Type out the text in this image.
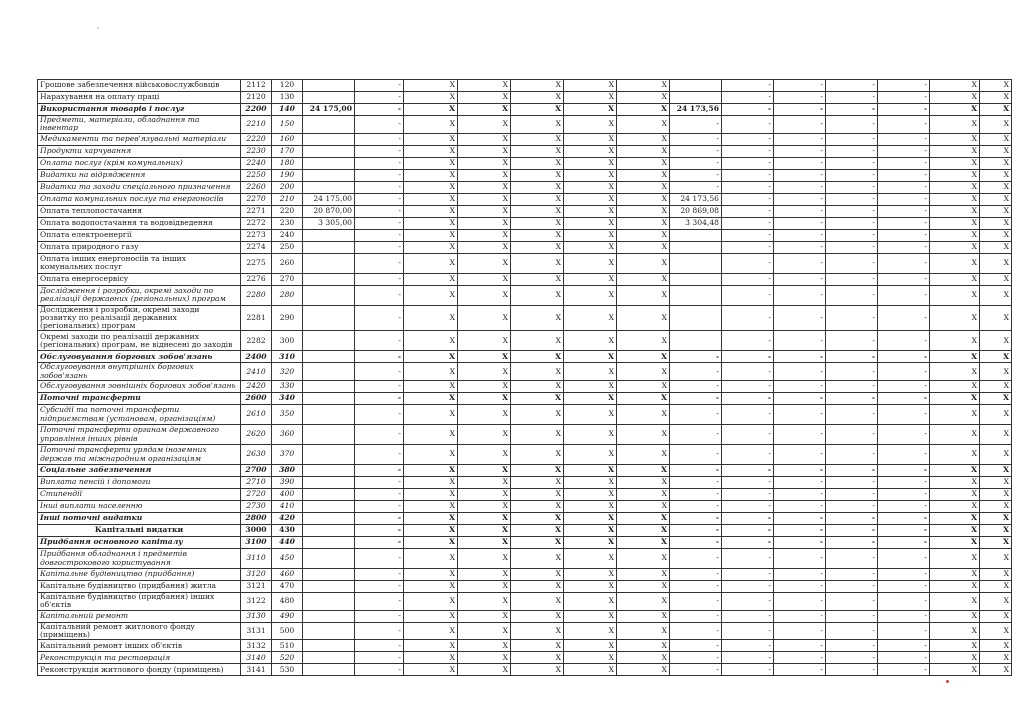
Грошове забезпечення військовослужбовців	2112	120		-	X	X	X	X	X		-	-	-	-	X	X
Нарахування на оплату праці	2120	130		-	X	X	X	X	X		-	-	-	-	X	X
Використання товарів і послуг	2200	140	24 175,00	-	X	X	X	X	X	24 173,56	-	-	-	-	X	X
Предмети, матеріали, обладнання та інвентар	2210	150		-	X	X	X	X	X	-	-	-	-	-	X	X
Медикаменти та перев'язувальні матеріали	2220	160		-	X	X	X	X	X	-	-	-	-	-	X	X
Продукти харчування	2230	170		-	X	X	X	X	X	-	-	-	-	-	X	X
Оплата послуг (крім комунальних)	2240	180		-	X	X	X	X	X	-	-	-	-	-	X	X
Видатки на відрядження	2250	190		-	X	X	X	X	X	-	-	-	-	-	X	X
Видатки та заходи спеціального призначення	2260	200		-	X	X	X	X	X	-	-	-	-	-	X	X
Оплата комунальних послуг та енергоносіїв	2270	210	24 175,00	-	X	X	X	X	X	24 173,56	-	-	-	-	X	X
Оплата теплопостачання	2271	220	20 870,00	-	X	X	X	X	X	20 869,08	-	-	-	-	X	X
Оплата водопостачання та водовідведення	2272	230	3 305,00	-	X	X	X	X	X	3 304,48	-	-	-	-	X	X
Оплата електроенергії	2273	240		-	X	X	X	X	X		-	-	-	-	X	X
Оплата природного газу	2274	250		-	X	X	X	X	X		-	-	-	-	X	X
Оплата інших енергоносіїв та інших комунальних послуг	2275	260		-	X	X	X	X	X		-	-	-	-	X	X
Оплата енергосервісу	2276	270		-	X	X	X	X	X		-	-	-	-	X	X
Дослідження і розробки, окремі заходи по реалізації державних (регіональних) програм	2280	280		-	X	X	X	X	X		-	-	-	-	X	X
Дослідження і розробки, окремі заходи розвитку по реалізації державних (регіональних) програм	2281	290		-	X	X	X	X	X		-	-	-	-	X	X
Окремі заходи по реалізації державних (регіональних) програм, не віднесені до заходів	2282	300		-	X	X	X	X	X		-	-	-	-	X	X
Обслуговування боргових зобов'язань	2400	310		-	X	X	X	X	X	-	-	-	-	-	X	X
Обслуговування внутрішніх боргових зобов'язань	2410	320		-	X	X	X	X	X	-	-	-	-	-	X	X
Обслуговування зовнішніх боргових зобов'язань	2420	330		-	X	X	X	X	X	-	-	-	-	-	X	X
Поточні трансферти	2600	340		-	X	X	X	X	X	-	-	-	-	-	X	X
Субсидії та поточні трансферти підприємствам (установам, організаціям)	2610	350		-	X	X	X	X	X	-	-	-	-	-	X	X
Поточні трансферти органам державного управління інших рівнів	2620	360		-	X	X	X	X	X	-	-	-	-	-	X	X
Поточні трансферти урядам іноземних держав та міжнародним організаціям	2630	370		-	X	X	X	X	X	-	-	-	-	-	X	X
Соціальне забезпечення	2700	380		-	X	X	X	X	X	-	-	-	-	-	X	X
Виплата пенсій і допомоги	2710	390		-	X	X	X	X	X	-	-	-	-	-	X	X
Стипендії	2720	400		-	X	X	X	X	X	-	-	-	-	-	X	X
Інші виплати населенню	2730	410		-	X	X	X	X	X	-	-	-	-	-	X	X
Інші поточні видатки	2800	420		-	X	X	X	X	X	-	-	-	-	-	X	X
Капітальні видатки	3000	430		-	X	X	X	X	X	-	-	-	-	-	X	X
Придбання основного капіталу	3100	440		-	X	X	X	X	X	-	-	-	-	-	X	X
Придбання обладнання і предметів довгострокового користування	3110	450		-	X	X	X	X	X	-	-	-	-	-	X	X
Капітальне будівництво (придбання)	3120	460		-	X	X	X	X	X	-	-	-	-	-	X	X
Капітальне будівництво (придбання) житла	3121	470		-	X	X	X	X	X	-	-	-	-	-	X	X
Капітальне будівництво (придбання) інших об'єктів	3122	480		-	X	X	X	X	X	-	-	-	-	-	X	X
Капітальний ремонт	3130	490		-	X	X	X	X	X	-	-	-	-	-	X	X
Капітальний ремонт житлового фонду (приміщень)	3131	500		-	X	X	X	X	X	-	-	-	-	-	X	X
Капітальний ремонт інших об'єктів	3132	510		-	X	X	X	X	X	-	-	-	-	-	X	X
Реконструкція та реставрація	3140	520		-	X	X	X	X	X	-	-	-	-	-	X	X
Реконструкція житлового фонду (приміщень)	3141	530		-	X	X	X	X	X	-	-	-	-	-	X	X
